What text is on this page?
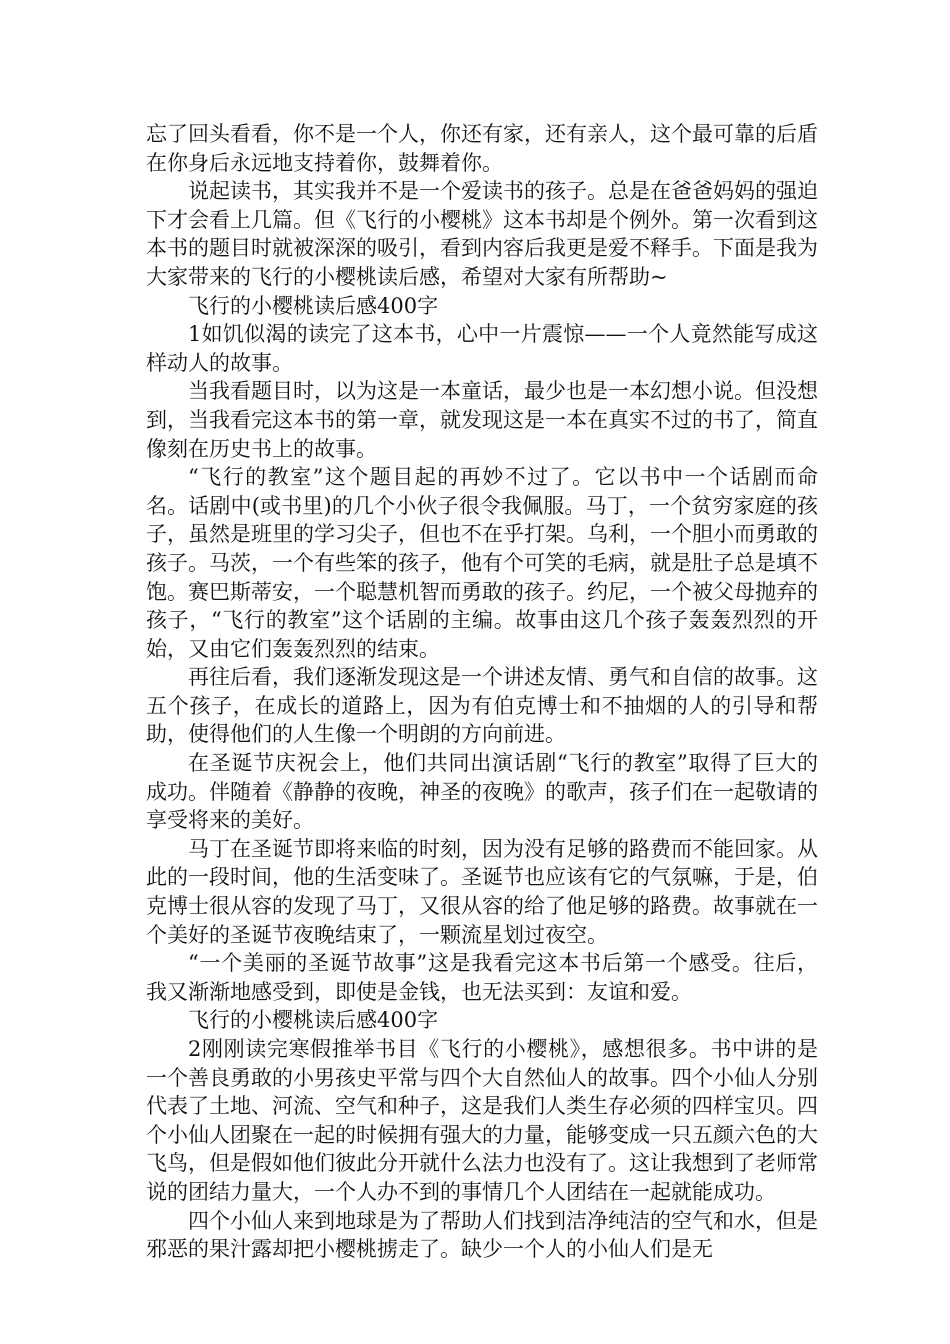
忘了回头看看，你不是一个人，你还有家，还有亲人，这个最可靠的后盾在你身后永远地支持着你，鼓舞着你。

说起读书，其实我并不是一个爱读书的孩子。总是在爸爸妈妈的强迫下才会看上几篇。但《飞行的小樱桃》这本书却是个例外。第一次看到这本书的题目时就被深深的吸引，看到内容后我更是爱不释手。下面是我为大家带来的飞行的小樱桃读后感，希望对大家有所帮助~

飞行的小樱桃读后感400字

1如饥似渴的读完了这本书，心中一片震惊——一个人竟然能写成这样动人的故事。

当我看题目时，以为这是一本童话，最少也是一本幻想小说。但没想到，当我看完这本书的第一章，就发现这是一本在真实不过的书了，简直像刻在历史书上的故事。

“飞行的教室”这个题目起的再妙不过了。它以书中一个话剧而命名。话剧中(或书里)的几个小伙子很令我佩服。马丁，一个贫穷家庭的孩子，虽然是班里的学习尖子，但也不在乎打架。乌利，一个胆小而勇敢的孩子。马茨，一个有些笨的孩子，他有个可笑的毛病，就是肚子总是填不饱。赛巴斯蒂安，一个聪慧机智而勇敢的孩子。约尼，一个被父母抛弃的孩子，“飞行的教室”这个话剧的主编。故事由这几个孩子轰轰烈烈的开始，又由它们轰轰烈烈的结束。

再往后看，我们逐渐发现这是一个讲述友情、勇气和自信的故事。这五个孩子，在成长的道路上，因为有伯克博士和不抽烟的人的引导和帮助，使得他们的人生像一个明朗的方向前进。

在圣诞节庆祝会上，他们共同出演话剧“飞行的教室”取得了巨大的成功。伴随着《静静的夜晚，神圣的夜晚》的歌声，孩子们在一起敬请的享受将来的美好。

马丁在圣诞节即将来临的时刻，因为没有足够的路费而不能回家。从此的一段时间，他的生活变味了。圣诞节也应该有它的气氛嘛，于是，伯克博士很从容的发现了马丁，又很从容的给了他足够的路费。故事就在一个美好的圣诞节夜晚结束了，一颗流星划过夜空。

“一个美丽的圣诞节故事”这是我看完这本书后第一个感受。往后，我又渐渐地感受到，即使是金钱，也无法买到：友谊和爱。

飞行的小樱桃读后感400字

2刚刚读完寒假推举书目《飞行的小樱桃》，感想很多。书中讲的是一个善良勇敢的小男孩史平常与四个大自然仙人的故事。四个小仙人分别代表了土地、河流、空气和种子，这是我们人类生存必须的四样宝贝。四个小仙人团聚在一起的时候拥有强大的力量，能够变成一只五颜六色的大飞鸟，但是假如他们彼此分开就什么法力也没有了。这让我想到了老师常说的团结力量大，一个人办不到的事情几个人团结在一起就能成功。

四个小仙人来到地球是为了帮助人们找到洁净纯洁的空气和水，但是邪恶的果汁露却把小樱桃掳走了。缺少一个人的小仙人们是无
